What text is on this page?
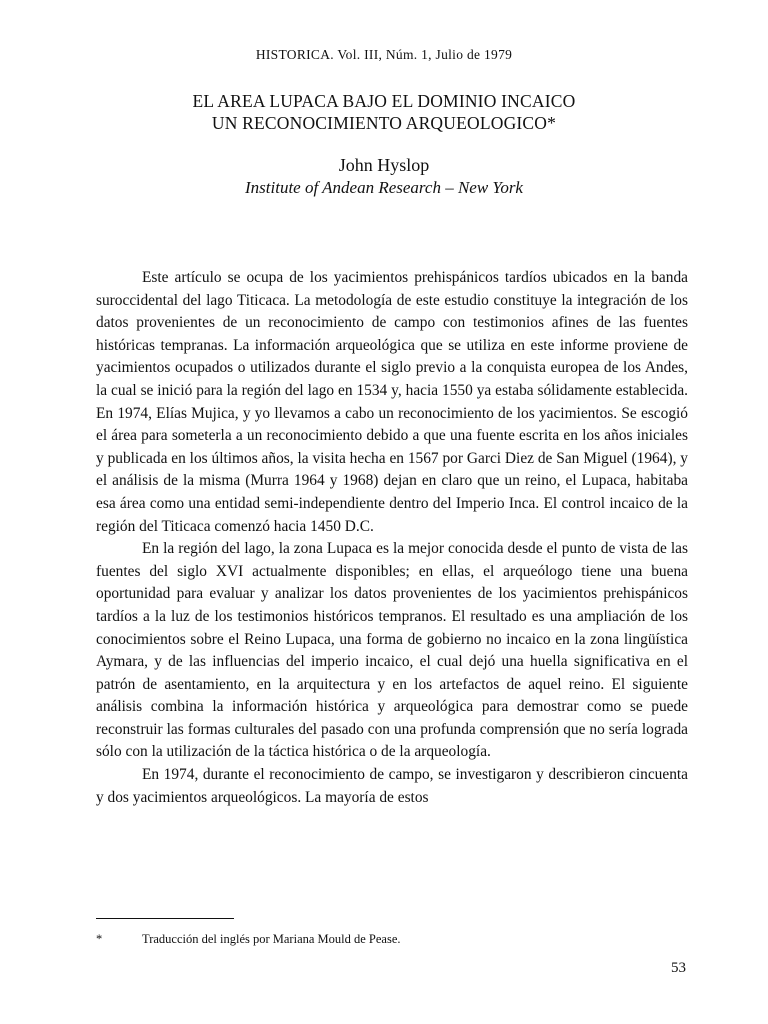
HISTORICA. Vol. III, Núm. 1, Julio de 1979
EL AREA LUPACA BAJO EL DOMINIO INCAICO
UN RECONOCIMIENTO ARQUEOLOGICO*
John Hyslop
Institute of Andean Research – New York

Este artículo se ocupa de los yacimientos prehispánicos tardíos ubicados en la banda suroccidental del lago Titicaca. La metodología de este estudio constituye la integración de los datos provenientes de un reconocimiento de campo con testimonios afines de las fuentes históricas tempranas. La información arqueológica que se utiliza en este informe proviene de yacimientos ocupados o utilizados durante el siglo previo a la conquista europea de los Andes, la cual se inició para la región del lago en 1534 y, hacia 1550 ya estaba sólidamente establecida. En 1974, Elías Mujica, y yo llevamos a cabo un reconocimiento de los yacimientos. Se escogió el área para someterla a un reconocimiento debido a que una fuente escrita en los años iniciales y publicada en los últimos años, la visita hecha en 1567 por Garci Diez de San Miguel (1964), y el análisis de la misma (Murra 1964 y 1968) dejan en claro que un reino, el Lupaca, habitaba esa área como una entidad semi-independiente dentro del Imperio Inca. El control incaico de la región del Titicaca comenzó hacia 1450 D.C.

En la región del lago, la zona Lupaca es la mejor conocida desde el punto de vista de las fuentes del siglo XVI actualmente disponibles; en ellas, el arqueólogo tiene una buena oportunidad para evaluar y analizar los datos provenientes de los yacimientos prehispánicos tardíos a la luz de los testimonios históricos tempranos. El resultado es una ampliación de los conocimientos sobre el Reino Lupaca, una forma de gobierno no incaico en la zona lingüística Aymara, y de las influencias del imperio incaico, el cual dejó una huella significativa en el patrón de asentamiento, en la arquitectura y en los artefactos de aquel reino. El siguiente análisis combina la información histórica y arqueológica para demostrar como se puede reconstruir las formas culturales del pasado con una profunda comprensión que no sería lograda sólo con la utilización de la táctica histórica o de la arqueología.

En 1974, durante el reconocimiento de campo, se investigaron y describieron cincuenta y dos yacimientos arqueológicos. La mayoría de estos

*	Traducción del inglés por Mariana Mould de Pease.
53
